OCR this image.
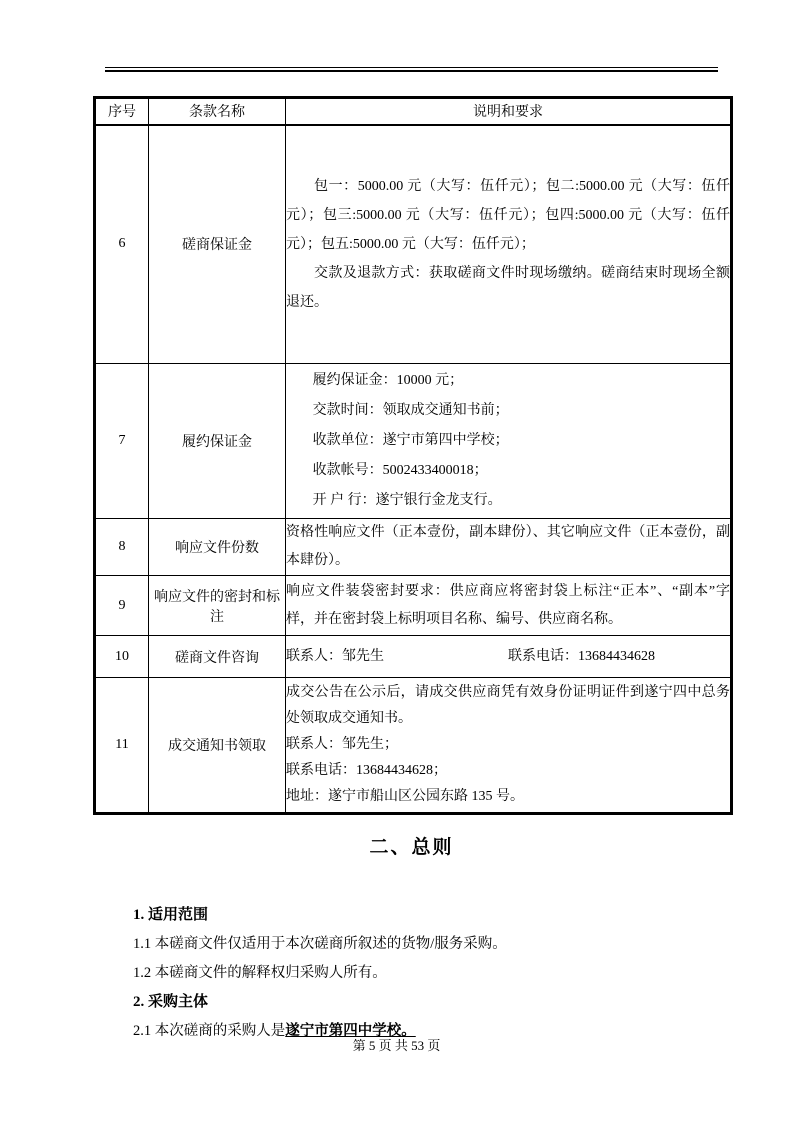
序号	条款名称	说明和要求
6	磋商保证金	包一：5000.00 元（大写：伍仟元）；包二:5000.00 元（大写：伍仟元）；包三:5000.00 元（大写：伍仟元）；包四:5000.00 元（大写：伍仟元）；包五:5000.00 元（大写：伍仟元）；

交款及退款方式：获取磋商文件时现场缴纳。磋商结束时现场全额退还。

7	履约保证金	履约保证金：10000 元；
交款时间：领取成交通知书前；
收款单位：遂宁市第四中学校；
收款帐号：5002433400018；
开 户 行：遂宁银行金龙支行。

8	响应文件份数	资格性响应文件（正本壹份，副本肆份）、其它响应文件（正本壹份，副本肆份）。

9	响应文件的密封和标注	响应文件装袋密封要求：供应商应将密封袋上标注“正本”、“副本”字样，并在密封袋上标明项目名称、编号、供应商名称。

10	磋商文件咨询	联系人：邹先生 联系电话：13684434628

11	成交通知书领取	成交公告在公示后，请成交供应商凭有效身份证明证件到遂宁四中总务处领取成交通知书。

联系人：邹先生；
联系电话：13684434628；
地址：遂宁市船山区公园东路 135 号。
二、总则

1. 适用范围

1.1 本磋商文件仅适用于本次磋商所叙述的货物/服务采购。

1.2 本磋商文件的解释权归采购人所有。

2. 采购主体

2.1 本次磋商的采购人是遂宁市第四中学校。

第 5 页 共 53 页
